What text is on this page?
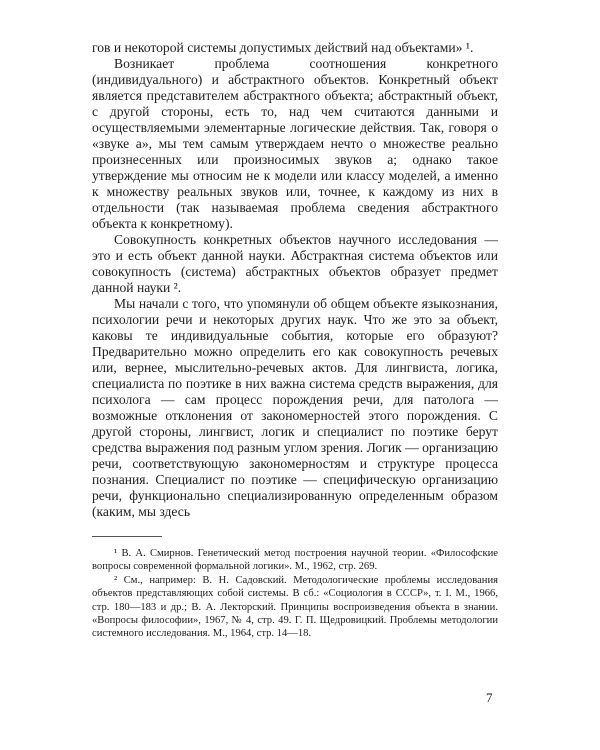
гов и некоторой системы допустимых действий над объектами» ¹.

Возникает проблема соотношения конкретного (индивидуального) и абстрактного объектов. Конкретный объект является представителем абстрактного объекта; абстрактный объект, с другой стороны, есть то, над чем считаются данными и осуществляемыми элементарные логические действия. Так, говоря о «звуке а», мы тем самым утверждаем нечто о множестве реально произнесенных или произносимых звуков а; однако такое утверждение мы относим не к модели или классу моделей, а именно к множеству реальных звуков или, точнее, к каждому из них в отдельности (так называемая проблема сведения абстрактного объекта к конкретному).

Совокупность конкретных объектов научного исследования — это и есть объект данной науки. Абстрактная система объектов или совокупность (система) абстрактных объектов образует предмет данной науки ².

Мы начали с того, что упомянули об общем объекте языкознания, психологии речи и некоторых других наук. Что же это за объект, каковы те индивидуальные события, которые его образуют? Предварительно можно определить его как совокупность речевых или, вернее, мыслительно-речевых актов. Для лингвиста, логика, специалиста по поэтике в них важна система средств выражения, для психолога — сам процесс порождения речи, для патолога — возможные отклонения от закономерностей этого порождения. С другой стороны, лингвист, логик и специалист по поэтике берут средства выражения под разным углом зрения. Логик — организацию речи, соответствующую закономерностям и структуре процесса познания. Специалист по поэтике — специфическую организацию речи, функционально специализированную определенным образом (каким, мы здесь

¹ В. А. Смирнов. Генетический метод построения научной теории. «Философские вопросы современной формальной логики». М., 1962, стр. 269.

² См., например: В. Н. Садовский. Методологические проблемы исследования объектов представляющих собой системы. В сб.: «Социология в СССР», т. I. М., 1966, стр. 180—183 и др.; В. А. Лекторский. Принципы воспроизведения объекта в знании. «Вопросы философии», 1967, № 4, стр. 49. Г. П. Щедровицкий. Проблемы методологии системного исследования. М., 1964, стр. 14—18.

7
